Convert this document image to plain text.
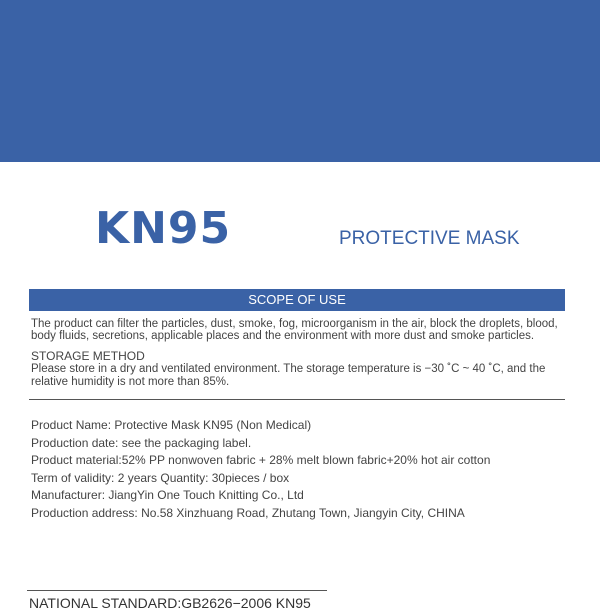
KN95	PROTECTIVE MASK
SCOPE OF USE
The product can filter the particles, dust, smoke, fog, microorganism in the air, block the droplets, blood, body fluids, secretions, applicable places and the environment with more dust and smoke particles.
STORAGE METHOD
Please store in a dry and ventilated environment. The storage temperature is −30 ˚C ~ 40 ˚C, and the relative humidity is not more than 85%.
Product Name: Protective Mask KN95 (Non Medical)
Production date: see the packaging label.
Product material:52% PP nonwoven fabric + 28% melt blown fabric+20% hot air cotton
Term of validity: 2 years Quantity: 30pieces / box
Manufacturer: JiangYin One Touch Knitting Co., Ltd
Production address: No.58 Xinzhuang Road, Zhutang Town, Jiangyin City, CHINA
NATIONAL STANDARD:GB2626−2006 KN95
